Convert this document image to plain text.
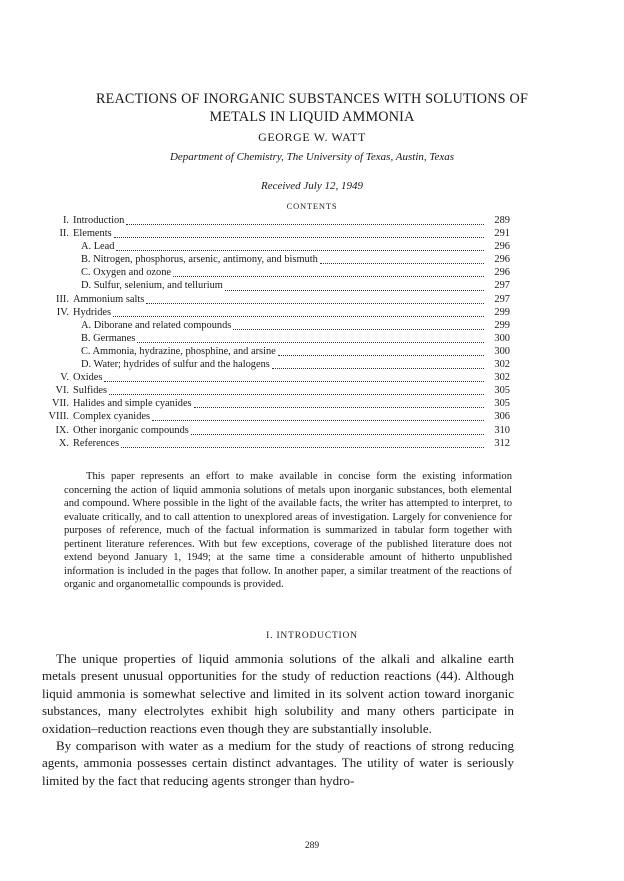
REACTIONS OF INORGANIC SUBSTANCES WITH SOLUTIONS OF
METALS IN LIQUID AMMONIA
GEORGE W. WATT
Department of Chemistry, The University of Texas, Austin, Texas
Received July 12, 1949
CONTENTS
I. Introduction	289
II. Elements	291
A. Lead	296
B. Nitrogen, phosphorus, arsenic, antimony, and bismuth	296
C. Oxygen and ozone	296
D. Sulfur, selenium, and tellurium	297
III. Ammonium salts	297
IV. Hydrides	299
A. Diborane and related compounds	299
B. Germanes	300
C. Ammonia, hydrazine, phosphine, and arsine	300
D. Water; hydrides of sulfur and the halogens	302
V. Oxides	302
VI. Sulfides	305
VII. Halides and simple cyanides	305
VIII. Complex cyanides	306
IX. Other inorganic compounds	310
X. References	312
This paper represents an effort to make available in concise form the existing information concerning the action of liquid ammonia solutions of metals upon inorganic substances, both elemental and compound. Where possible in the light of the available facts, the writer has attempted to interpret, to evaluate critically, and to call attention to unexplored areas of investigation. Largely for convenience for purposes of reference, much of the factual information is summarized in tabular form together with pertinent literature references. With but few exceptions, coverage of the published literature does not extend beyond January 1, 1949; at the same time a considerable amount of hitherto unpublished information is included in the pages that follow. In another paper, a similar treatment of the reactions of organic and organometallic compounds is provided.
I. INTRODUCTION

The unique properties of liquid ammonia solutions of the alkali and alkaline earth metals present unusual opportunities for the study of reduction reactions (44). Although liquid ammonia is somewhat selective and limited in its solvent action toward inorganic substances, many electrolytes exhibit high solubility and many others participate in oxidation–reduction reactions even though they are substantially insoluble.

By comparison with water as a medium for the study of reactions of strong reducing agents, ammonia possesses certain distinct advantages. The utility of water is seriously limited by the fact that reducing agents stronger than hydro-

289
